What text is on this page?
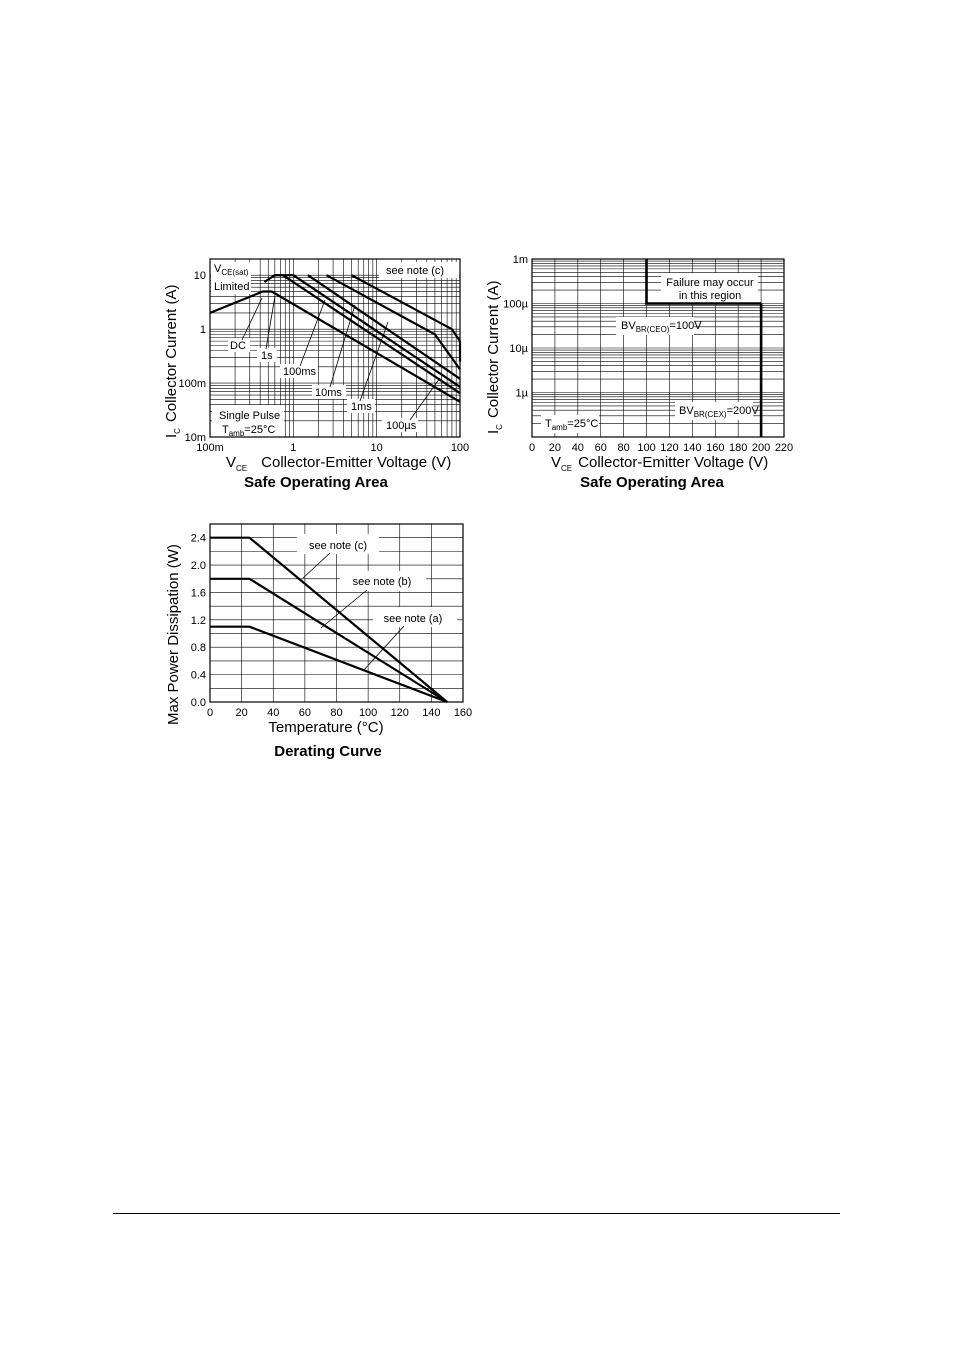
$V_{CE(sat)}$
Limited
see note (c)
Single Pulse
$T_{amb}=25^\circ C$
DC
1s
100ms
10ms
1ms
100µs
100m	1	10	100
10m
100m
1
10
$V_{CE}$ Collector-Emitter Voltage (V)
$I_CCollector$ Current (A)
Safe Operating Area
Failure may occur
in this region
$BV_{BR(CEO)}=100V$
$BV_{BR(CEX)}=200V$
$T_{amb}=25^\circ C$
0 20 40 60 80 100 120 140 160 180 200 220
1µ
10µ
100µ
1m
$V_{CE}$ Collector-Emitter Voltage (V)
$I_CCollector$ Current (A)
Safe Operating Area
see note (c)
see note (b)
see note (a)
0 20 40 60 80 100 120 140 160
0.0
0.4
0.8
1.2
1.6
2.0
2.4
Temperature (°C)
Max Power Dissipation (W)
Derating Curve
